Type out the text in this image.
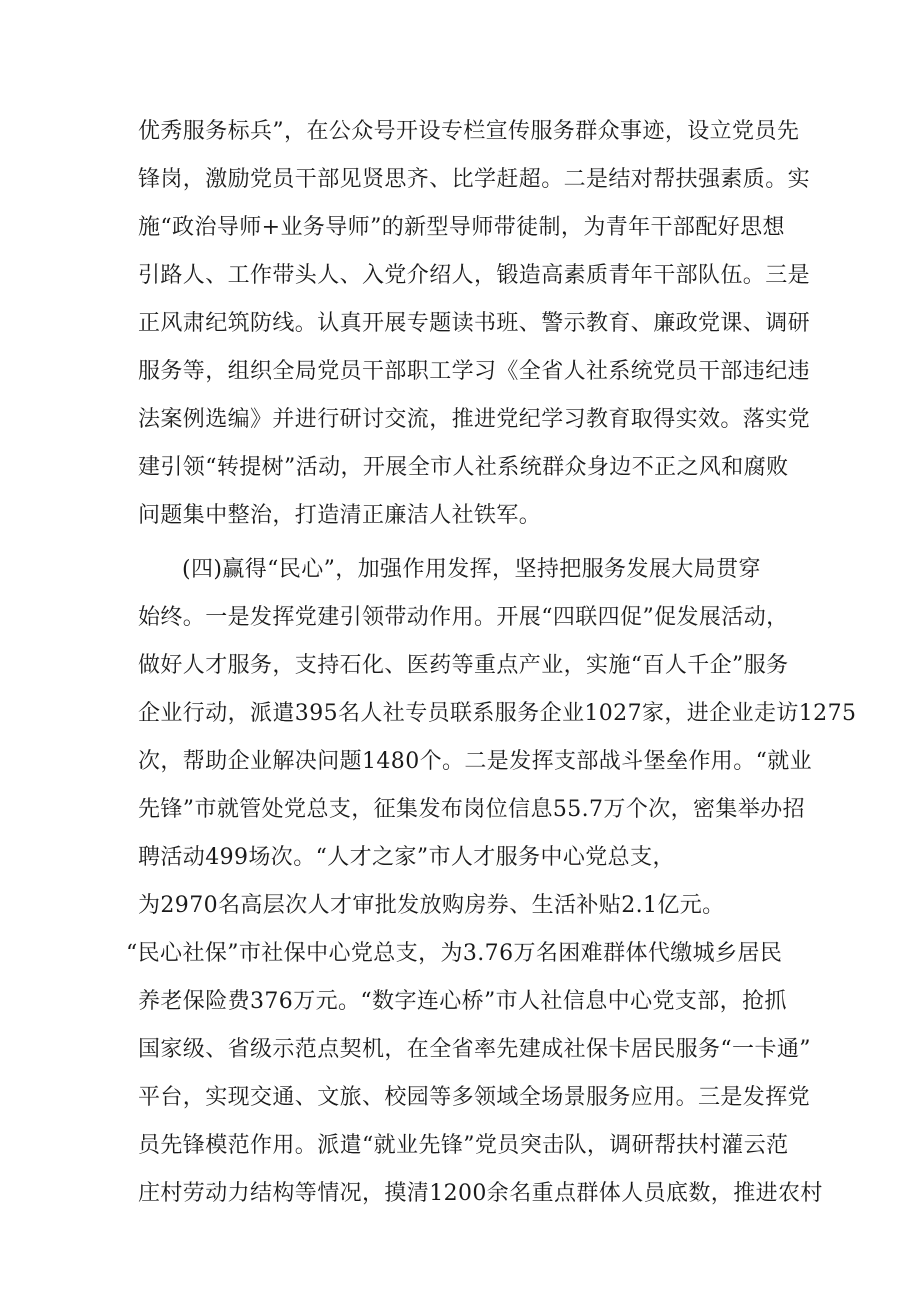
优秀服务标兵”，在公众号开设专栏宣传服务群众事迹，设立党员先
锋岗，激励党员干部见贤思齐、比学赶超。二是结对帮扶强素质。实
施“政治导师+业务导师”的新型导师带徒制，为青年干部配好思想
引路人、工作带头人、入党介绍人，锻造高素质青年干部队伍。三是
正风肃纪筑防线。认真开展专题读书班、警示教育、廉政党课、调研
服务等，组织全局党员干部职工学习《全省人社系统党员干部违纪违
法案例选编》并进行研讨交流，推进党纪学习教育取得实效。落实党
建引领“转提树”活动，开展全市人社系统群众身边不正之风和腐败
问题集中整治，打造清正廉洁人社铁军。
(四)赢得“民心”，加强作用发挥，坚持把服务发展大局贯穿
始终。一是发挥党建引领带动作用。开展“四联四促”促发展活动，
做好人才服务，支持石化、医药等重点产业，实施“百人千企”服务
企业行动，派遣395名人社专员联系服务企业1027家，进企业走访1275
次，帮助企业解决问题1480个。二是发挥支部战斗堡垒作用。“就业
先锋”市就管处党总支，征集发布岗位信息55.7万个次，密集举办招
聘活动499场次。“人才之家”市人才服务中心党总支，
为2970名高层次人才审批发放购房券、生活补贴2.1亿元。
“民心社保”市社保中心党总支，为3.76万名困难群体代缴城乡居民
养老保险费376万元。“数字连心桥”市人社信息中心党支部，抢抓
国家级、省级示范点契机，在全省率先建成社保卡居民服务“一卡通”
平台，实现交通、文旅、校园等多领域全场景服务应用。三是发挥党
员先锋模范作用。派遣“就业先锋”党员突击队，调研帮扶村灌云范
庄村劳动力结构等情况，摸清1200余名重点群体人员底数，推进农村
